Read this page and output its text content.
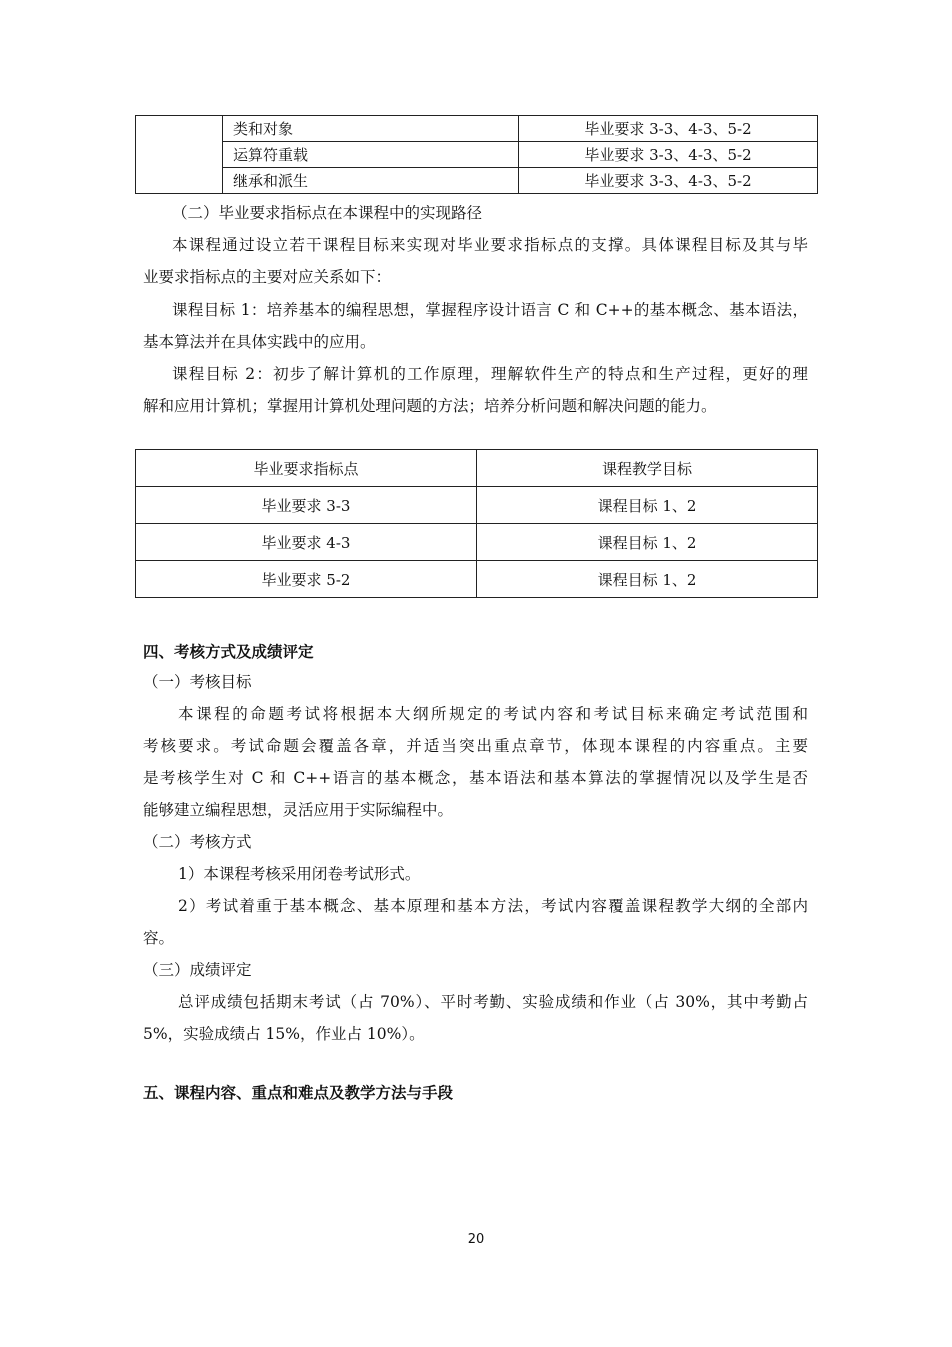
	类和对象	毕业要求 3-3、4-3、5-2
	运算符重载	毕业要求 3-3、4-3、5-2
	继承和派生	毕业要求 3-3、4-3、5-2
（二）毕业要求指标点在本课程中的实现路径
本课程通过设立若干课程目标来实现对毕业要求指标点的支撑。具体课程目标及其与毕
业要求指标点的主要对应关系如下：
课程目标 1：培养基本的编程思想，掌握程序设计语言 C 和 C++的基本概念、基本语法，
基本算法并在具体实践中的应用。
课程目标 2：初步了解计算机的工作原理，理解软件生产的特点和生产过程，更好的理
解和应用计算机；掌握用计算机处理问题的方法；培养分析问题和解决问题的能力。
毕业要求指标点	课程教学目标
毕业要求 3-3	课程目标 1、2
毕业要求 4-3	课程目标 1、2
毕业要求 5-2	课程目标 1、2
四、考核方式及成绩评定
（一）考核目标
本课程的命题考试将根据本大纲所规定的考试内容和考试目标来确定考试范围和
考核要求。考试命题会覆盖各章，并适当突出重点章节，体现本课程的内容重点。主要
是考核学生对 C 和 C++语言的基本概念，基本语法和基本算法的掌握情况以及学生是否
能够建立编程思想，灵活应用于实际编程中。
（二）考核方式
1）本课程考核采用闭卷考试形式。
2）考试着重于基本概念、基本原理和基本方法，考试内容覆盖课程教学大纲的全部内
容。
（三）成绩评定
总评成绩包括期末考试（占 70%）、平时考勤、实验成绩和作业（占 30%，其中考勤占
5%，实验成绩占 15%，作业占 10%）。
五、课程内容、重点和难点及教学方法与手段
20
